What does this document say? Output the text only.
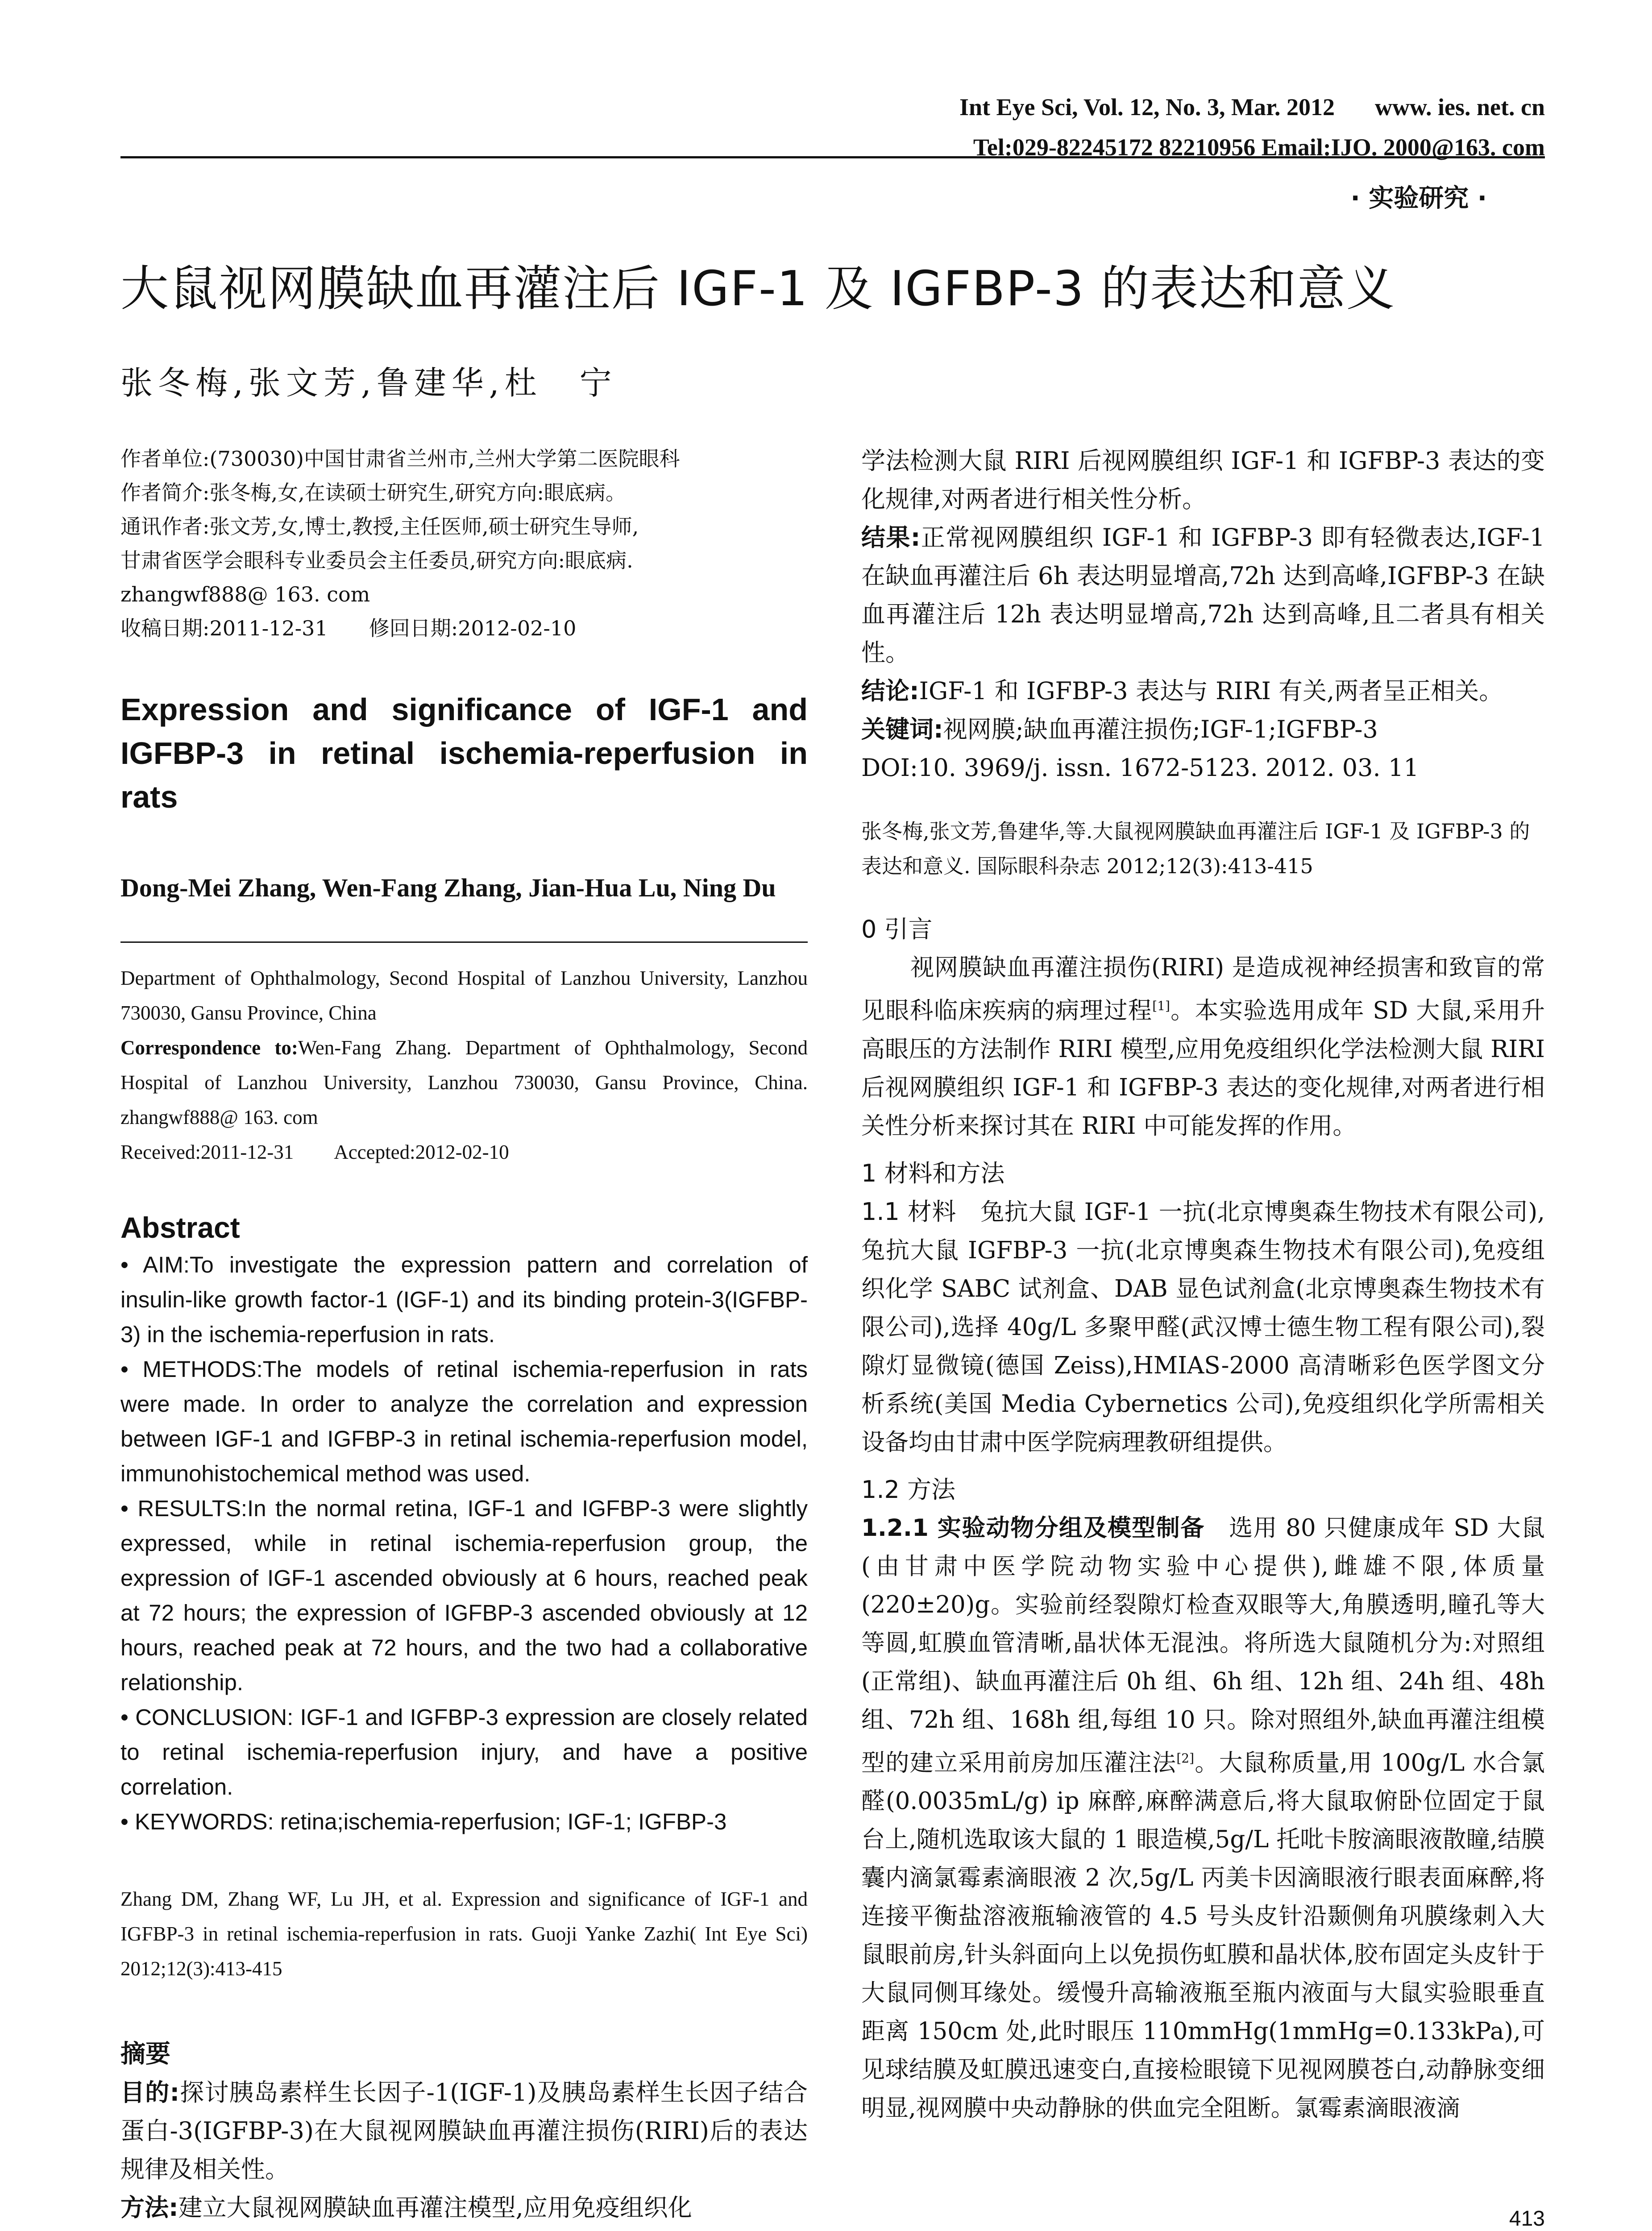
Int Eye Sci, Vol. 12, No. 3, Mar. 2012 www. ies. net. cn
Tel:029-82245172 82210956 Email:IJO. 2000@163. com
· 实验研究 ·
大鼠视网膜缺血再灌注后 IGF-1 及 IGFBP-3 的表达和意义
张冬梅,张文芳,鲁建华,杜　宁
作者单位:(730030)中国甘肃省兰州市,兰州大学第二医院眼科
作者简介:张冬梅,女,在读硕士研究生,研究方向:眼底病。
通讯作者:张文芳,女,博士,教授,主任医师,硕士研究生导师,
甘肃省医学会眼科专业委员会主任委员,研究方向:眼底病.
zhangwf888@ 163. com
收稿日期:2011-12-31　　修回日期:2012-02-10
Expression and significance of IGF-1 and IGFBP-3 in retinal ischemia-reperfusion in rats
Dong-Mei Zhang, Wen-Fang Zhang, Jian-Hua Lu, Ning Du
Department of Ophthalmology, Second Hospital of Lanzhou University, Lanzhou 730030, Gansu Province, China
Correspondence to:Wen-Fang Zhang. Department of Ophthalmology, Second Hospital of Lanzhou University, Lanzhou 730030, Gansu Province, China. zhangwf888@ 163. com
Received:2011-12-31　　Accepted:2012-02-10
Abstract
• AIM:To investigate the expression pattern and correlation of insulin-like growth factor-1 (IGF-1) and its binding protein-3(IGFBP-3) in the ischemia-reperfusion in rats.
• METHODS:The models of retinal ischemia-reperfusion in rats were made. In order to analyze the correlation and expression between IGF-1 and IGFBP-3 in retinal ischemia-reperfusion model, immunohistochemical method was used.
• RESULTS:In the normal retina, IGF-1 and IGFBP-3 were slightly expressed, while in retinal ischemia-reperfusion group, the expression of IGF-1 ascended obviously at 6 hours, reached peak at 72 hours; the expression of IGFBP-3 ascended obviously at 12 hours, reached peak at 72 hours, and the two had a collaborative relationship.
• CONCLUSION: IGF-1 and IGFBP-3 expression are closely related to retinal ischemia-reperfusion injury, and have a positive correlation.
• KEYWORDS: retina;ischemia-reperfusion; IGF-1; IGFBP-3
Zhang DM, Zhang WF, Lu JH, et al. Expression and significance of IGF-1 and IGFBP-3 in retinal ischemia-reperfusion in rats. Guoji Yanke Zazhi( Int Eye Sci) 2012;12(3):413-415
摘要
目的:探讨胰岛素样生长因子-1(IGF-1)及胰岛素样生长因子结合蛋白-3(IGFBP-3)在大鼠视网膜缺血再灌注损伤(RIRI)后的表达规律及相关性。
方法:建立大鼠视网膜缺血再灌注模型,应用免疫组织化
学法检测大鼠 RIRI 后视网膜组织 IGF-1 和 IGFBP-3 表达的变化规律,对两者进行相关性分析。
结果:正常视网膜组织 IGF-1 和 IGFBP-3 即有轻微表达,IGF-1 在缺血再灌注后 6h 表达明显增高,72h 达到高峰,IGFBP-3 在缺血再灌注后 12h 表达明显增高,72h 达到高峰,且二者具有相关性。
结论:IGF-1 和 IGFBP-3 表达与 RIRI 有关,两者呈正相关。
关键词:视网膜;缺血再灌注损伤;IGF-1;IGFBP-3
DOI:10. 3969/j. issn. 1672-5123. 2012. 03. 11
张冬梅,张文芳,鲁建华,等.大鼠视网膜缺血再灌注后 IGF-1 及 IGFBP-3 的表达和意义. 国际眼科杂志 2012;12(3):413-415
0 引言
视网膜缺血再灌注损伤(RIRI) 是造成视神经损害和致盲的常见眼科临床疾病的病理过程[1]。本实验选用成年 SD 大鼠,采用升高眼压的方法制作 RIRI 模型,应用免疫组织化学法检测大鼠 RIRI 后视网膜组织 IGF-1 和 IGFBP-3 表达的变化规律,对两者进行相关性分析来探讨其在 RIRI 中可能发挥的作用。
1 材料和方法
1.1 材料　 兔抗大鼠 IGF-1 一抗(北京博奥森生物技术有限公司),兔抗大鼠 IGFBP-3 一抗(北京博奥森生物技术有限公司),免疫组织化学 SABC 试剂盒、DAB 显色试剂盒(北京博奥森生物技术有限公司),选择 40g/L 多聚甲醛(武汉博士德生物工程有限公司),裂隙灯显微镜(德国 Zeiss),HMIAS-2000 高清晰彩色医学图文分析系统(美国 Media Cybernetics 公司),免疫组织化学所需相关设备均由甘肃中医学院病理教研组提供。
1.2 方法
1.2.1 实验动物分组及模型制备　 选用 80 只健康成年 SD 大鼠(由甘肃中医学院动物实验中心提供),雌雄不限,体质量(220±20)g。实验前经裂隙灯检查双眼等大,角膜透明,瞳孔等大等圆,虹膜血管清晰,晶状体无混浊。将所选大鼠随机分为:对照组(正常组)、缺血再灌注后 0h 组、6h 组、12h 组、24h 组、48h 组、72h 组、168h 组,每组 10 只。除对照组外,缺血再灌注组模型的建立采用前房加压灌注法[2]。大鼠称质量,用 100g/L 水合氯醛(0.0035mL/g) ip 麻醉,麻醉满意后,将大鼠取俯卧位固定于鼠台上,随机选取该大鼠的 1 眼造模,5g/L 托吡卡胺滴眼液散瞳,结膜囊内滴氯霉素滴眼液 2 次,5g/L 丙美卡因滴眼液行眼表面麻醉,将连接平衡盐溶液瓶输液管的 4.5 号头皮针沿颞侧角巩膜缘刺入大鼠眼前房,针头斜面向上以免损伤虹膜和晶状体,胶布固定头皮针于大鼠同侧耳缘处。缓慢升高输液瓶至瓶内液面与大鼠实验眼垂直距离 150cm 处,此时眼压 110mmHg(1mmHg=0.133kPa),可见球结膜及虹膜迅速变白,直接检眼镜下见视网膜苍白,动静脉变细明显,视网膜中央动静脉的供血完全阻断。氯霉素滴眼液滴
413
